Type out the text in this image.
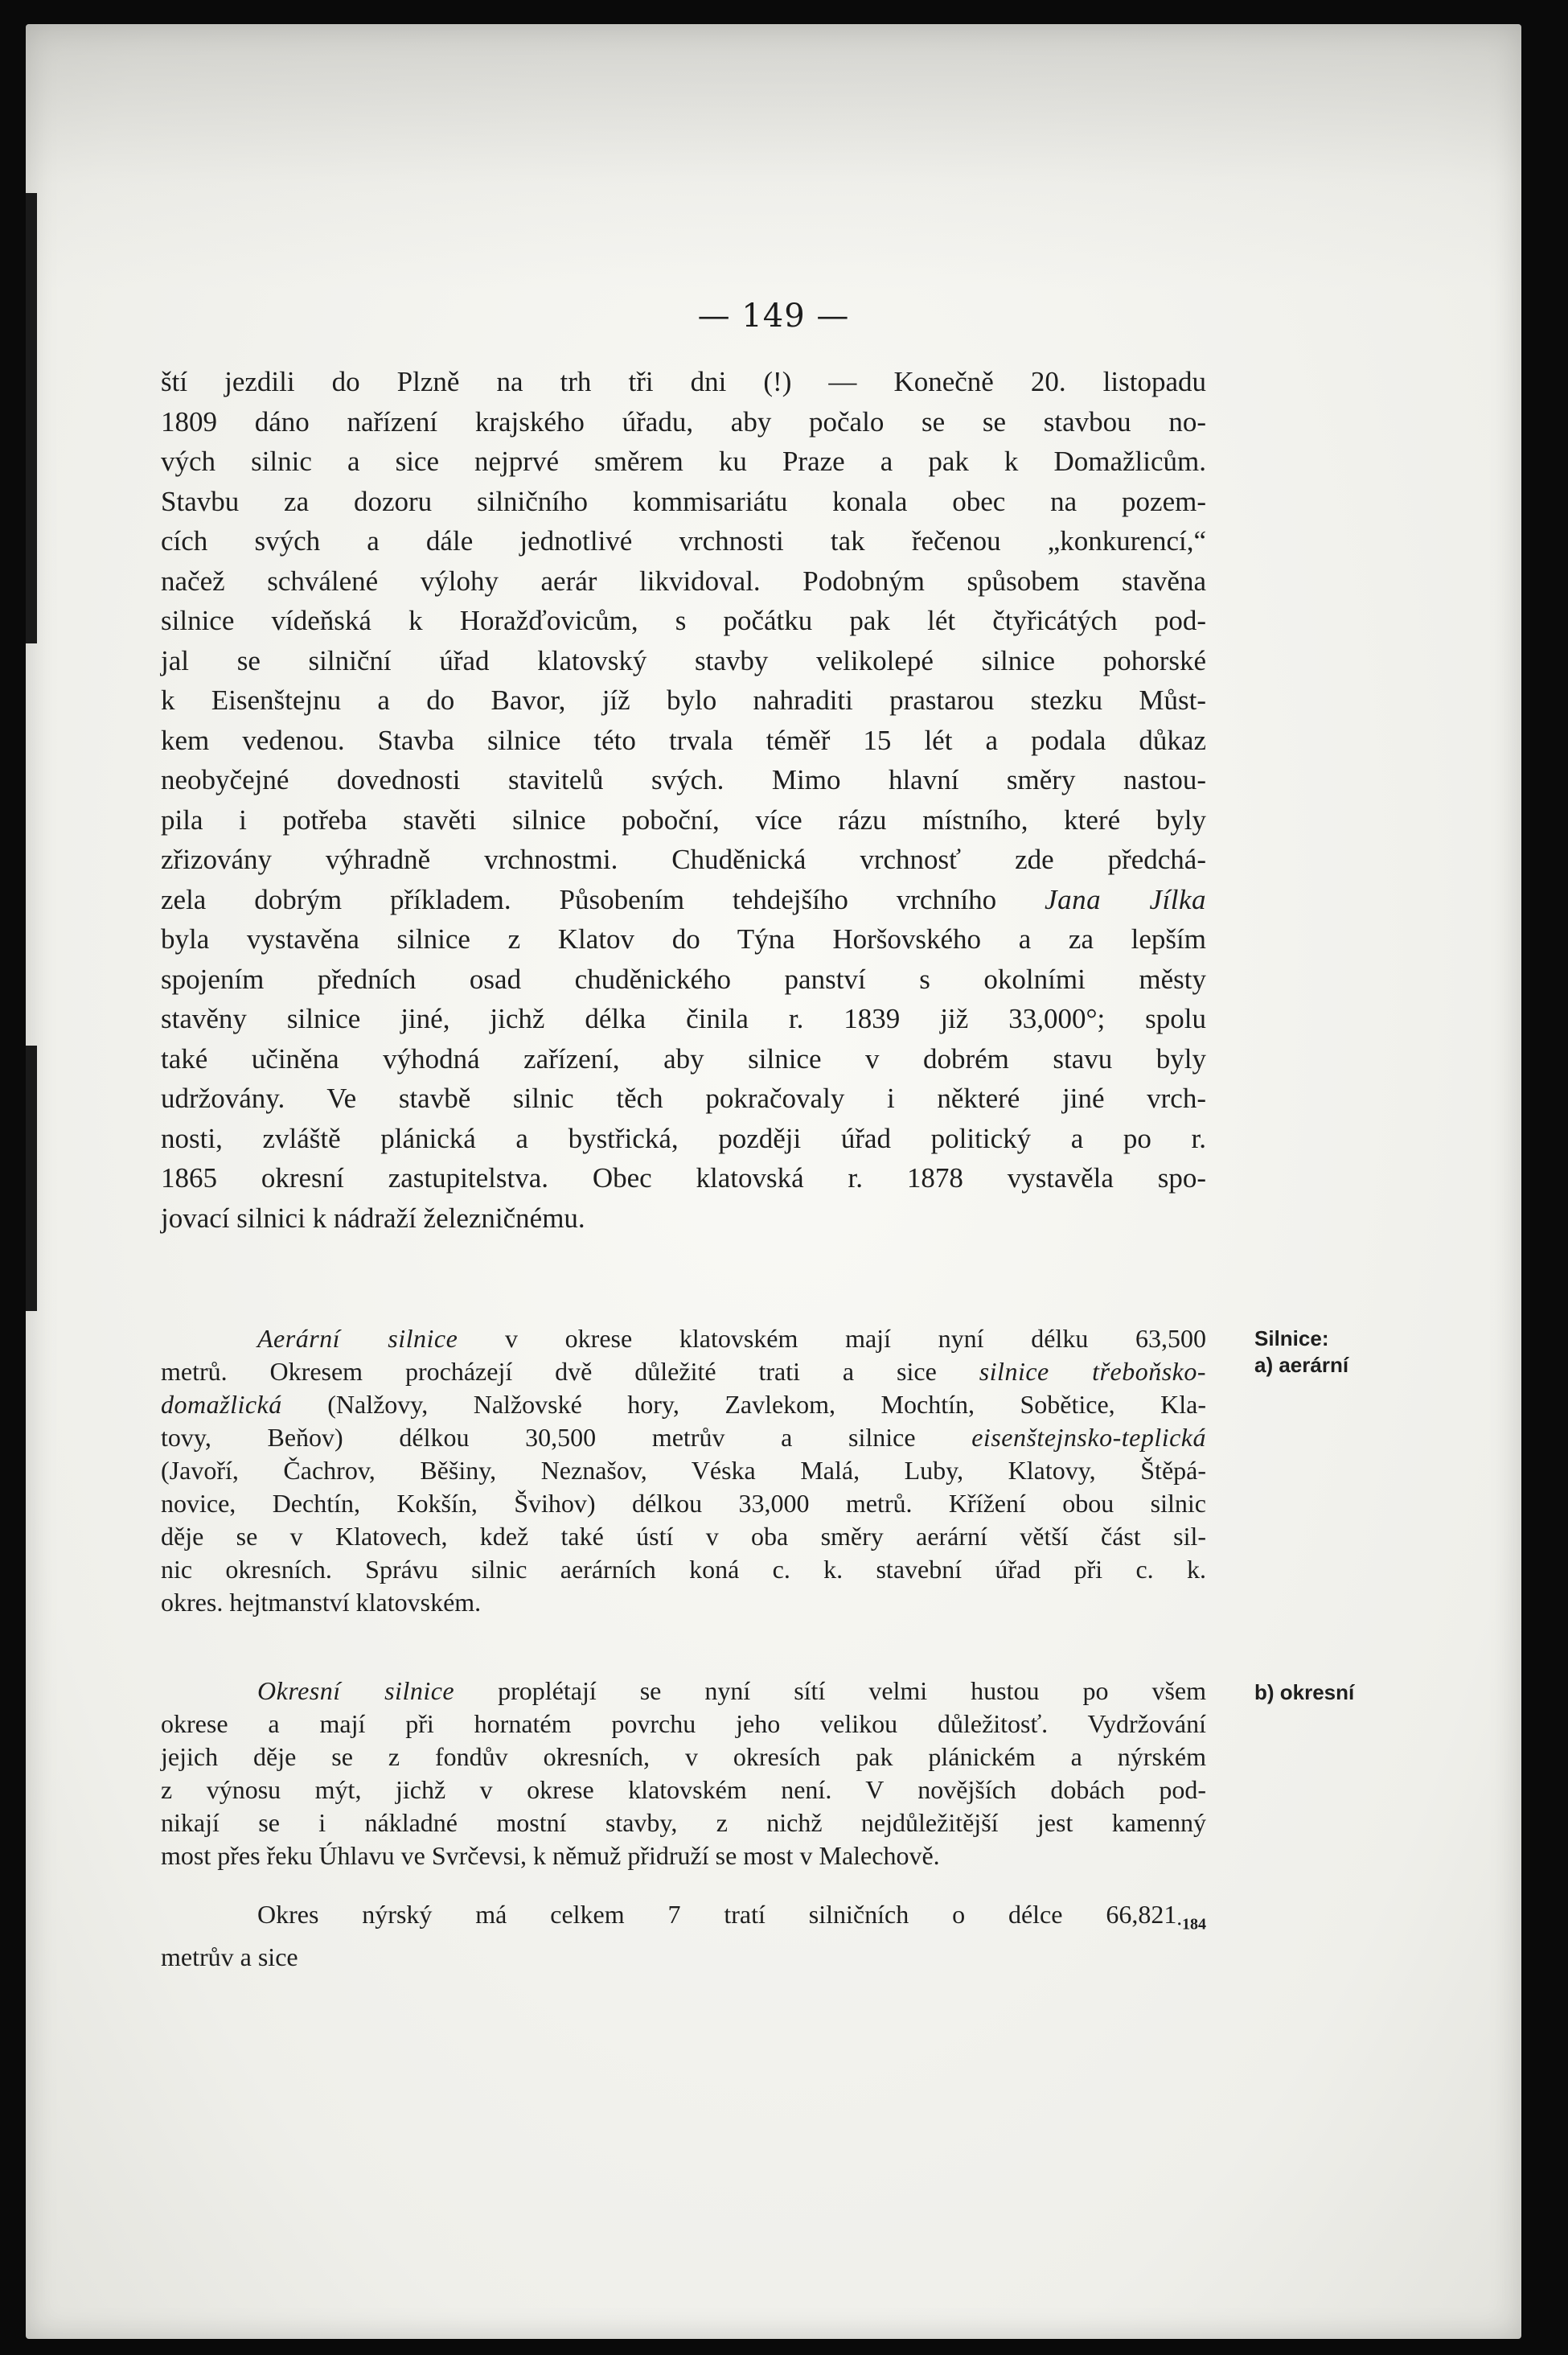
— 149 —
ští jezdili do Plzně na trh tři dni (!) — Konečně 20. listopadu
1809 dáno nařízení krajského úřadu, aby počalo se se stavbou no-
vých silnic a sice nejprvé směrem ku Praze a pak k Domažlicům.
Stavbu za dozoru silničního kommisariátu konala obec na pozem-
cích svých a dále jednotlivé vrchnosti tak řečenou „konkurencí,“
načež schválené výlohy aerár likvidoval. Podobným spůsobem stavěna
silnice vídeňská k Horažďovicům, s počátku pak lét čtyřicátých pod-
jal se silniční úřad klatovský stavby velikolepé silnice pohorské
k Eisenštejnu a do Bavor, jíž bylo nahraditi prastarou stezku Můst-
kem vedenou. Stavba silnice této trvala téměř 15 lét a podala důkaz
neobyčejné dovednosti stavitelů svých. Mimo hlavní směry nastou-
pila i potřeba stavěti silnice poboční, více rázu místního, které byly
zřizovány výhradně vrchnostmi. Chuděnická vrchnosť zde předchá-
zela dobrým příkladem. Působením tehdejšího vrchního Jana Jílka
byla vystavěna silnice z Klatov do Týna Horšovského a za lepším
spojením předních osad chuděnického panství s okolními městy
stavěny silnice jiné, jichž délka činila r. 1839 již 33,000°; spolu
také učiněna výhodná zařízení, aby silnice v dobrém stavu byly
udržovány. Ve stavbě silnic těch pokračovaly i některé jiné vrch-
nosti, zvláště plánická a bystřická, později úřad politický a po r.
1865 okresní zastupitelstva. Obec klatovská r. 1878 vystavěla spo-
jovací silnici k nádraží železničnému.
Aerární silnice v okrese klatovském mají nyní délku 63,500
metrů. Okresem procházejí dvě důležité trati a sice silnice třeboňsko-
domažlická (Nalžovy, Nalžovské hory, Zavlekom, Mochtín, Sobětice, Kla-
tovy, Beňov) délkou 30,500 metrův a silnice eisenštejnsko-teplická
(Javoří, Čachrov, Běšiny, Neznašov, Véska Malá, Luby, Klatovy, Štěpá-
novice, Dechtín, Kokšín, Švihov) délkou 33,000 metrů. Křížení obou silnic
děje se v Klatovech, kdež také ústí v oba směry aerární větší část sil-
nic okresních. Správu silnic aerárních koná c. k. stavební úřad při c. k.
okres. hejtmanství klatovském.
Silnice:
a) aerární
Okresní silnice proplétají se nyní sítí velmi hustou po všem
okrese a mají při hornatém povrchu jeho velikou důležitosť. Vydržování
jejich děje se z fondův okresních, v okresích pak plánickém a nýrském
z výnosu mýt, jichž v okrese klatovském není. V novějších dobách pod-
nikají se i nákladné mostní stavby, z nichž nejdůležitější jest kamenný
most přes řeku Úhlavu ve Svrčevsi, k němuž přidruží se most v Malechově.
b) okresní
Okres nýrský má celkem 7 tratí silničních o délce $66,821_{\cdot 184}$
metrův a sice
